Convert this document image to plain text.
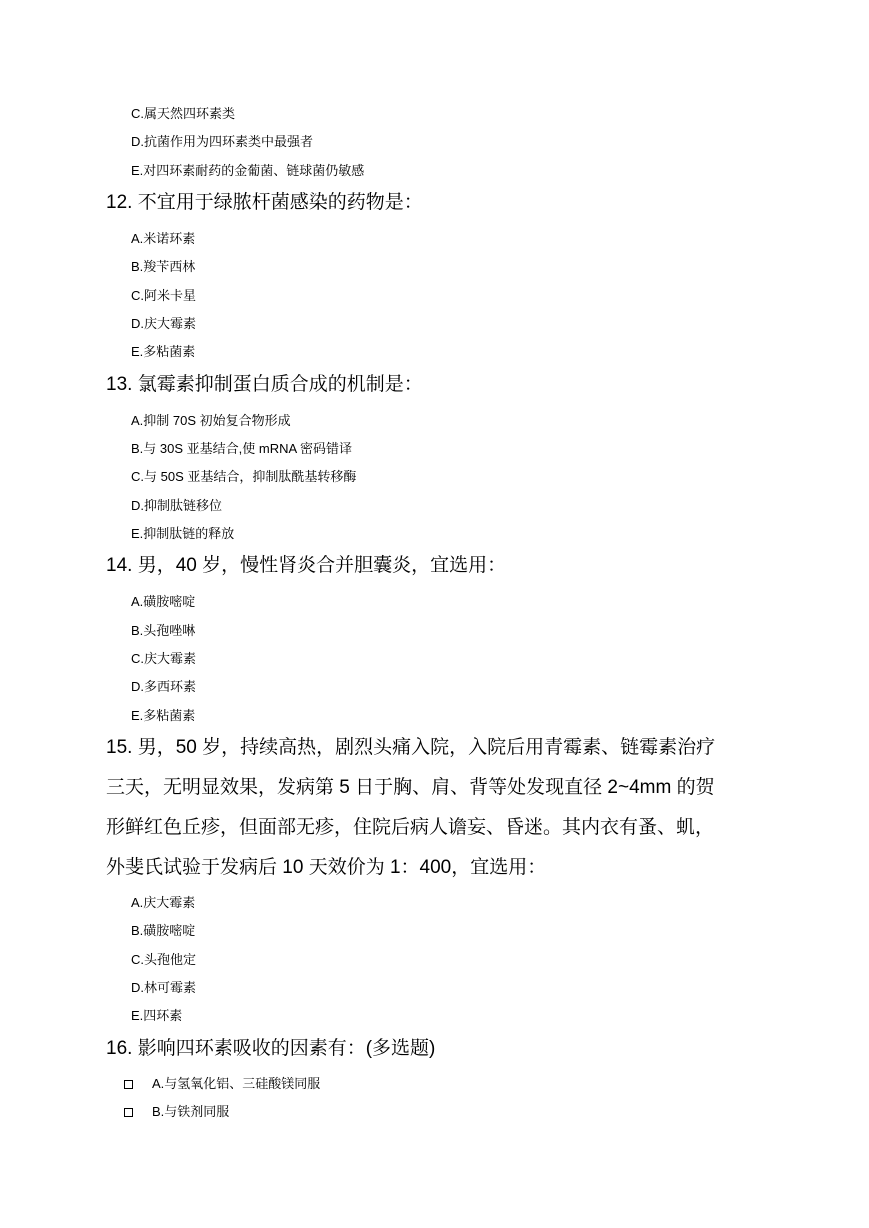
C.属天然四环素类
D.抗菌作用为四环素类中最强者
E.对四环素耐药的金葡菌、链球菌仍敏感
12. 不宜用于绿脓杆菌感染的药物是：
A.米诺环素
B.羧苄西林
C.阿米卡星
D.庆大霉素
E.多粘菌素
13. 氯霉素抑制蛋白质合成的机制是：
A.抑制 70S 初始复合物形成
B.与 30S 亚基结合,使 mRNA 密码错译
C.与 50S 亚基结合，抑制肽酰基转移酶
D.抑制肽链移位
E.抑制肽链的释放
14. 男，40 岁，慢性肾炎合并胆囊炎，宜选用：
A.磺胺嘧啶
B.头孢唑啉
C.庆大霉素
D.多西环素
E.多粘菌素
15. 男，50 岁，持续高热，剧烈头痛入院，入院后用青霉素、链霉素治疗
三天，无明显效果，发病第 5 日于胸、肩、背等处发现直径 2~4mm 的贺
形鲜红色丘疹，但面部无疹，住院后病人谵妄、昏迷。其内衣有蚤、虮，
外斐氏试验于发病后 10 天效价为 1：400，宜选用：
A.庆大霉素
B.磺胺嘧啶
C.头孢他定
D.林可霉素
E.四环素
16. 影响四环素吸收的因素有：(多选题)
A.与氢氧化铝、三硅酸镁同服
B.与铁剂同服
